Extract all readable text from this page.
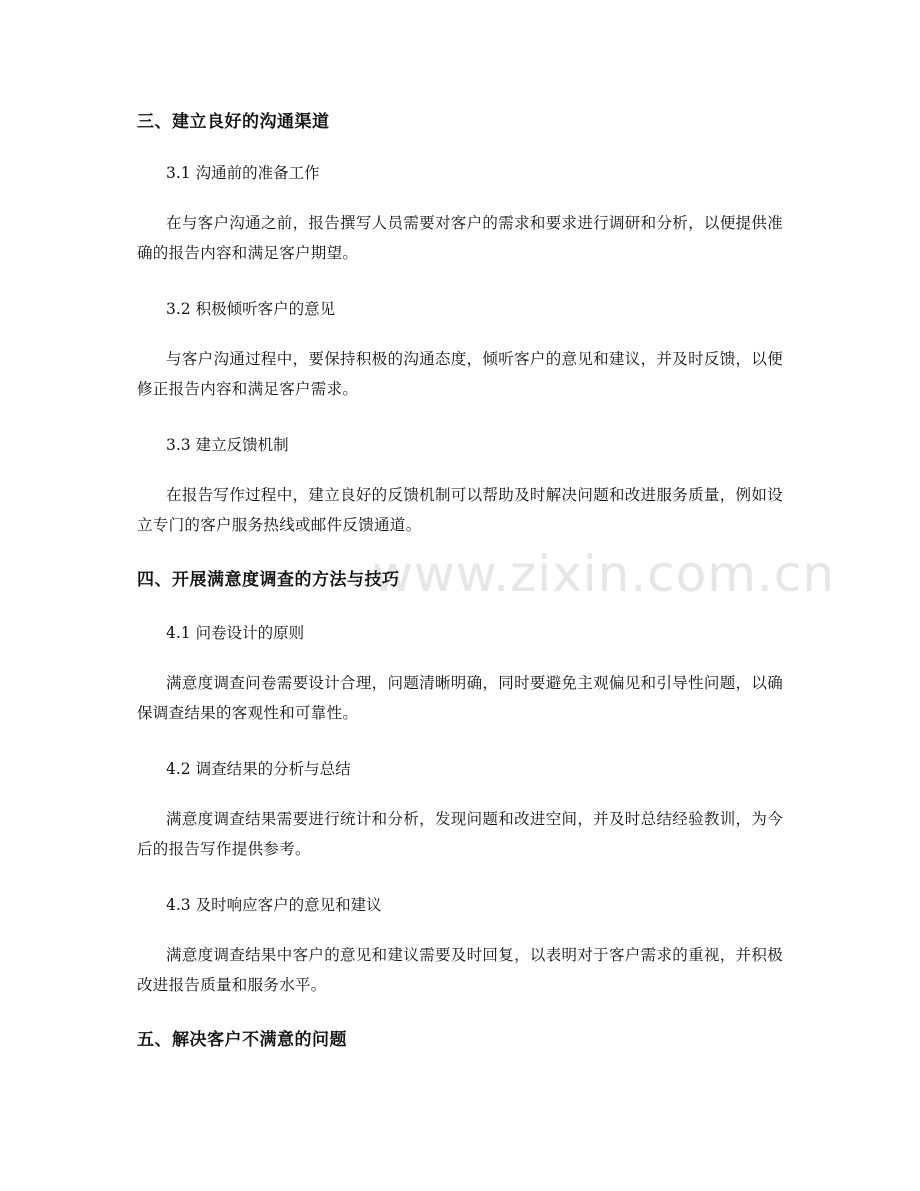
www.zixin.com.cn
三、建立良好的沟通渠道
3.1 沟通前的准备工作
在与客户沟通之前，报告撰写人员需要对客户的需求和要求进行调研和分析，以便提供准确的报告内容和满足客户期望。
3.2 积极倾听客户的意见
与客户沟通过程中，要保持积极的沟通态度，倾听客户的意见和建议，并及时反馈，以便修正报告内容和满足客户需求。
3.3 建立反馈机制
在报告写作过程中，建立良好的反馈机制可以帮助及时解决问题和改进服务质量，例如设立专门的客户服务热线或邮件反馈通道。
四、开展满意度调查的方法与技巧
4.1 问卷设计的原则
满意度调查问卷需要设计合理，问题清晰明确，同时要避免主观偏见和引导性问题，以确保调查结果的客观性和可靠性。
4.2 调查结果的分析与总结
满意度调查结果需要进行统计和分析，发现问题和改进空间，并及时总结经验教训，为今后的报告写作提供参考。
4.3 及时响应客户的意见和建议
满意度调查结果中客户的意见和建议需要及时回复，以表明对于客户需求的重视，并积极改进报告质量和服务水平。
五、解决客户不满意的问题
